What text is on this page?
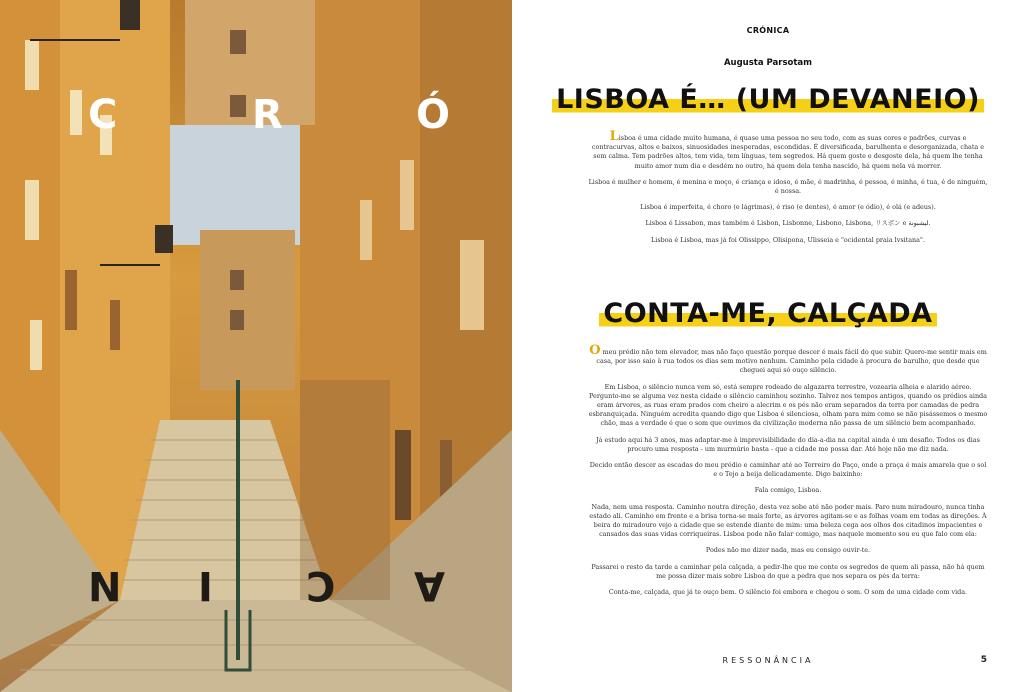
C	R	Ó
N I C A
CRÓNICA
Augusta Parsotam
LISBOA É… (UM DEVANEIO)

Lisboa é uma cidade muito humana, é quase uma pessoa no seu todo, com as suas cores e padrões, curvas e contracurvas, altos e baixos, sinuosidades inesperadas, escondidas. É diversificada, barulhenta e desorganizada, chata e sem calma. Tem padrões altos, tem vida, tem línguas, tem segredos. Há quem goste e desgoste dela, há quem lhe tenha muito amor num dia e desdém no outro, há quem dela tenha nascido, há quem nela vá morrer.

Lisboa é mulher e homem, é menina e moço, é criança e idoso, é mãe, é madrinha, é pessoa, é minha, é tua, é de ninguém, é nossa.

Lisboa é imperfeita, é choro (e lágrimas), é riso (e dentes), é amor (e ódio), é olá (e adeus).

Lisboa é Lissabon, mas também é Lisbon, Lisbonne, Lisbono, Lisbona, リスボン e ﻟﻴﺸﺒﻮﻧﺔ.

Lisboa é Lisboa, mas já foi Olissippo, Olisipona, Ulisseia e "ocidental praia lvsitana".

CONTA-ME, CALÇADA

O meu prédio não tem elevador, mas não faço questão porque descer é mais fácil do que subir. Quero-me sentir mais em casa, por isso saio à rua todos os dias sem motivo nenhum. Caminho pela cidade à procura de barulho, que desde que cheguei aqui só ouço silêncio.

Em Lisboa, o silêncio nunca vem só, está sempre rodeado de algazarra terrestre, vozearia alheia e alarido aéreo. Pergunto-me se alguma vez nesta cidade o silêncio caminhou sozinho. Talvez nos tempos antigos, quando os prédios ainda eram árvores, as ruas eram prados com cheiro a alecrim e os pés não eram separados da terra por camadas de pedra esbranquiçada. Ninguém acredita quando digo que Lisboa é silenciosa, olham para mim como se não pisássemos o mesmo chão, mas a verdade é que o som que ouvimos da civilização moderna não passa de um silêncio bem acompanhado.

Já estudo aqui há 3 anos, mas adaptar-me à imprevisibilidade do dia-a-dia na capital ainda é um desafio. Todos os dias procuro uma resposta - um murmúrio basta - que a cidade me possa dar. Até hoje não me diz nada.

Decido então descer as escadas do meu prédio e caminhar até ao Terreiro do Paço, onde a praça é mais amarela que o sol e o Tejo a beija delicadamente. Digo baixinho:

Fala comigo, Lisboa.

Nada, nem uma resposta. Caminho noutra direção, desta vez sobe até não poder mais. Paro num miradouro, nunca tinha estado ali. Caminho em frente e a brisa torna-se mais forte, as árvores agitam-se e as folhas voam em todas as direções. À beira do miradouro vejo a cidade que se estende diante de mim: uma beleza cega aos olhos dos citadinos impacientes e cansados das suas vidas corriqueiras. Lisboa pode não falar comigo, mas naquele momento sou eu que falo com ela:

Podes não me dizer nada, mas eu consigo ouvir-te.

Passarei o resto da tarde a caminhar pela calçada, a pedir-lhe que me conte os segredos de quem ali passa, não há quem me possa dizer mais sobre Lisboa do que a pedra que nos separa os pés da terra:

Conta-me, calçada, que já te ouço bem. O silêncio foi embora e chegou o som. O som de uma cidade com vida.

RESSONÂNCIA	5
